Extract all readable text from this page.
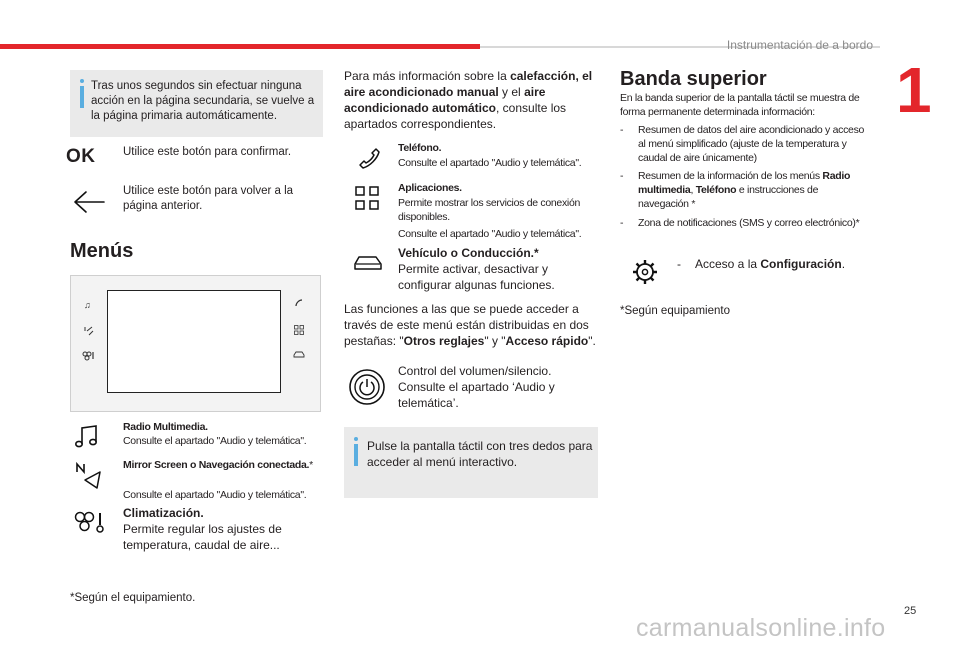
Instrumentación de a bordo
1
Tras unos segundos sin efectuar ninguna acción en la página secundaria, se vuelve a la página primaria automáticamente.
OK Utilice este botón para confirmar.
Utilice este botón para volver a la página anterior.
Menús
♫
Radio Multimedia.
Consulte el apartado "Audio y telemática".
Mirror Screen o Navegación conectada.*
Consulte el apartado "Audio y telemática".
Climatización.
Permite regular los ajustes de temperatura, caudal de aire...
*Según el equipamiento.
Para más información sobre la calefacción, el aire acondicionado manual y el aire acondicionado automático, consulte los apartados correspondientes.
Teléfono.
Consulte el apartado "Audio y telemática".
Aplicaciones.
Permite mostrar los servicios de conexión disponibles.
Consulte el apartado "Audio y telemática".
Vehículo o Conducción.*
Permite activar, desactivar y configurar algunas funciones.
Las funciones a las que se puede acceder a través de este menú están distribuidas en dos pestañas: "Otros reglajes" y "Acceso rápido".
Control del volumen/silencio. Consulte el apartado ‘Audio y telemática’.
Pulse la pantalla táctil con tres dedos para acceder al menú interactivo.
Banda superior
En la banda superior de la pantalla táctil se muestra de forma permanente determinada información:
- Resumen de datos del aire acondicionado y acceso al menú simplificado (ajuste de la temperatura y caudal de aire únicamente)
- Resumen de la información de los menús Radio multimedia, Teléfono e instrucciones de navegación *
- Zona de notificaciones (SMS y correo electrónico)*
- Acceso a la Configuración.
*Según equipamiento
25
carmanualsonline.info
